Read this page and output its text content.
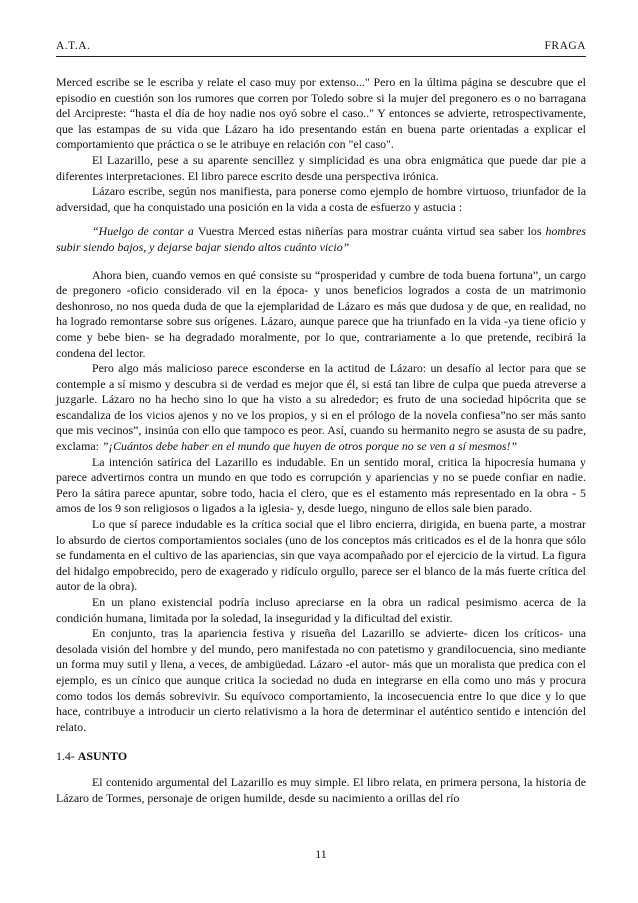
A.T.A.	FRAGA

Merced escribe se le escriba y relate el caso muy por extenso..." Pero en la última página se descubre que el episodio en cuestión son los rumores que corren por Toledo sobre si la mujer del pregonero es o no barragana del Arcipreste: “hasta el día de hoy nadie nos oyó sobre el caso.." Y entonces se advierte, retrospectivamente, que las estampas de su vida que Lázaro ha ido presentando están en buena parte orientadas a explicar el comportamiento que práctica o se le atribuye en relación con "el caso".

El Lazarillo, pese a su aparente sencillez y simplicidad es una obra enigmática que puede dar pie a diferentes interpretaciones. El libro parece escrito desde una perspectiva irónica.

Lázaro escribe, según nos manifiesta, para ponerse como ejemplo de hombre virtuoso, triunfador de la adversidad, que ha conquistado una posición en la vida a costa de esfuerzo y astucia :

“Huelgo de contar a Vuestra Merced estas niñerías para mostrar cuánta virtud sea saber los hombres subir siendo bajos, y dejarse bajar siendo altos cuánto vicio”

Ahora bien, cuando vemos en qué consiste su “prosperidad y cumbre de toda buena fortuna”, un cargo de pregonero -oficio considerado vil en la época- y unos beneficios logrados a costa de un matrimonio deshonroso, no nos queda duda de que la ejemplaridad de Lázaro es más que dudosa y de que, en realidad, no ha logrado remontarse sobre sus orígenes. Lázaro, aunque parece que ha triunfado en la vida -ya tiene oficio y come y bebe bien- se ha degradado moralmente, por lo que, contrariamente a lo que pretende, recibirá la condena del lector.

Pero algo más malicioso parece esconderse en la actitud de Lázaro: un desafío al lector para que se contemple a sí mismo y descubra si de verdad es mejor que él, si está tan libre de culpa que pueda atreverse a juzgarle. Lázaro no ha hecho sino lo que ha visto a su alrededor; es fruto de una sociedad hipócrita que se escandaliza de los vicios ajenos y no ve los propios, y si en el prólogo de la novela confiesa”no ser más santo que mis vecinos”, insinúa con ello que tampoco es peor. Así, cuando su hermanito negro se asusta de su padre, exclama: ”¡Cuántos debe haber en el mundo que huyen de otros porque no se ven a sí mesmos!”

La intención satírica del Lazarillo es indudable. En un sentido moral, critica la hipocresía humana y parece advertirnos contra un mundo en que todo es corrupción y apariencias y no se puede confiar en nadie. Pero la sátira parece apuntar, sobre todo, hacia el clero, que es el estamento más representado en la obra - 5 amos de los 9 son religiosos o ligados a la iglesia- y, desde luego, ninguno de ellos sale bien parado.

Lo que sí parece indudable es la crítica social que el libro encierra, dirigida, en buena parte, a mostrar lo absurdo de ciertos comportamientos sociales (uno de los conceptos más criticados es el de la honra que sólo se fundamenta en el cultivo de las apariencias, sin que vaya acompañado por el ejercicio de la virtud. La figura del hidalgo empobrecido, pero de exagerado y ridículo orgullo, parece ser el blanco de la más fuerte crítica del autor de la obra).

En un plano existencial podría incluso apreciarse en la obra un radical pesimismo acerca de la condición humana, limitada por la soledad, la inseguridad y la dificultad del existir.

En conjunto, tras la apariencia festiva y risueña del Lazarillo se advierte- dicen los críticos- una desolada visión del hombre y del mundo, pero manifestada no con patetismo y grandilocuencia, sino mediante un forma muy sutil y llena, a veces, de ambigüedad. Lázaro -el autor- más que un moralista que predica con el ejemplo, es un cínico que aunque critica la sociedad no duda en integrarse en ella como uno más y procura como todos los demás sobrevivir. Su equívoco comportamiento, la incosecuencia entre lo que dice y lo que hace, contribuye a introducir un cierto relativismo a la hora de determinar el auténtico sentido e intención del relato.

1.4- ASUNTO

El contenido argumental del Lazarillo es muy simple. El libro relata, en primera persona, la historia de Lázaro de Tormes, personaje de origen humilde, desde su nacimiento a orillas del río

11
